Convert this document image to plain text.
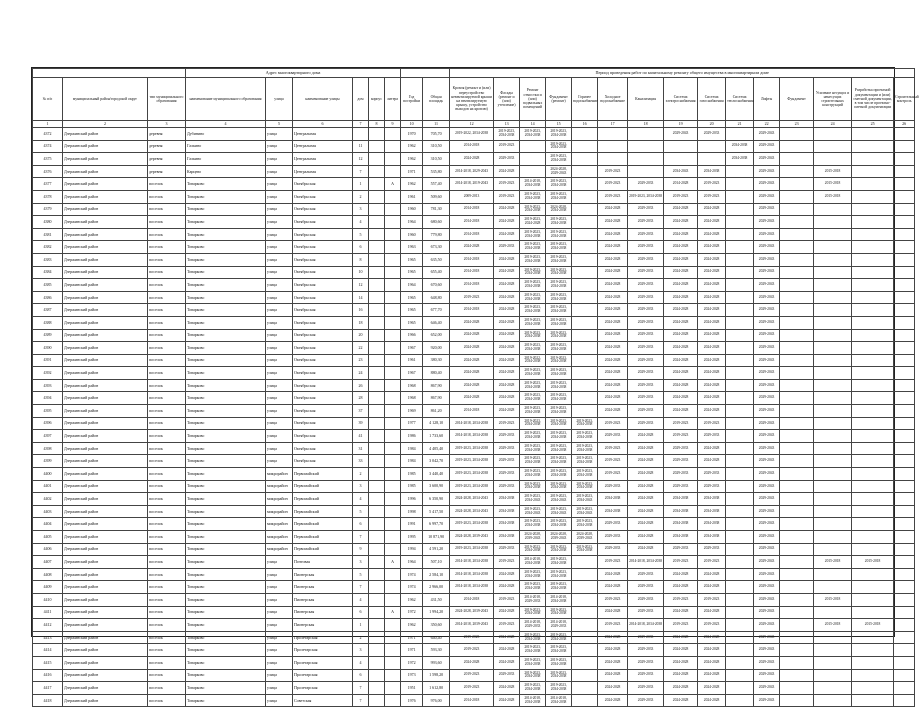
			Адрес многоквартирного дома								Период проведения работ по капитальному ремонту общего имущества в многоквартирном доме														
№ п/п	муниципальный район/городской округ	тип муниципального образования	наименование муниципального образования	улица	наименование улицы	дом	корпус	литера	Год постройки	Общая площадь	Кровля (ремонт и (или) переустройство невентилируемой крыши на вентилируемую крышу, устройство выходов на кровлю)	Фасады (ремонт и (или) утепление)	Ремонт отмостки и (или) подвальных помещений	Фундамент (ремонт)	Горячее водоснабжение	Холодное водоснабжение	Канализация	Система электроснабжения	Система газоснабжения	Система теплоснабжения	Лифты	Фундамент	Усиление несущих и ненесущих строительных конструкций	Разработка проектной документации и (или) сметной документации, в том числе проектно-сметной документации	Строительный контроль
1	2	3	4	5	6	7	8	9	10	11	12	13	14	15	16	17	18	19	20	21	22	23	24	25	26
4372	Дзержинский район	деревня	Дубинино	улица	Центральная				1970	705,70	2019-2022, 2034-2038	2019-2023, 2034-2038	2019-2023, 2034-2038	2019-2023, 2034-2038				2029-2043	2029-2033		2029-2043				
4374	Дзержинский район	деревня	Галкино	улица	Центральная	11			1962	310,50	2014-2018	2019-2023		2019-2023, 2034-2038						2034-2038	2029-2043				
4375	Дзержинский район	деревня	Галкино	улица	Центральная	12			1962	310,50	2024-2028	2029-2033		2019-2023, 2034-2038						2034-2038	2029-2043				
4376	Дзержинский район	деревня	Карцево	улица	Центральная	7			1971	535,80	2014-2018, 2029-2043	2024-2028		2024-2028, 2029-2043		2019-2023		2034-2043	2034-2038		2029-2043		2015-2018		
4377	Дзержинский район	поселок	Товарково	улица	Октябрьская	1		А	1962	557,40	2014-2018, 2019-2043	2019-2023	2014-2018, 2034-2038	2019-2023, 2034-2038		2019-2023	2029-2033	2014-2028	2019-2023		2029-2043		2015-2018		
4378	Дзержинский район	поселок	Товарково	улица	Октябрьская	2			1961	509,60	2009-2013	2019-2023	2019-2023, 2034-2038	2019-2023, 2034-2038		2019-2023	2019-2023, 2034-2038	2019-2023	2019-2023		2029-2043		2015-2018		
4379	Дзержинский район	поселок	Товарково	улица	Октябрьская	3			1960	781,30	2014-2018	2024-2028	2019-2023, 2034-2038	2024-2028, 2034-2038		2024-2028	2029-2033	2024-2028	2024-2028		2029-2043				
4380	Дзержинский район	поселок	Товарково	улица	Октябрьская	4			1964	680,60	2014-2018	2024-2028	2019-2023, 2024-2028	2019-2023, 2034-2038		2024-2028	2029-2033	2024-2028	2024-2028		2029-2043				
4381	Дзержинский район	поселок	Товарково	улица	Октябрьская	5			1960	779,80	2014-2018	2024-2028	2019-2023, 2034-2038	2019-2023, 2034-2038		2024-2028	2029-2033	2024-2028	2024-2028		2029-2043				
4382	Дзержинский район	поселок	Товарково	улица	Октябрьская	6			1963	673,30	2024-2028	2029-2033	2019-2023, 2034-2038	2019-2023, 2034-2038		2024-2028	2029-2033	2024-2028	2024-2028		2029-2043				
4383	Дзержинский район	поселок	Товарково	улица	Октябрьская	8			1965	635,50	2014-2018	2024-2028	2019-2023, 2034-2038	2019-2023, 2034-2038		2024-2028	2029-2033	2024-2028	2024-2028		2029-2043				
4384	Дзержинский район	поселок	Товарково	улица	Октябрьская	10			1965	655,40	2014-2018	2024-2028	2019-2023, 2034-2038	2019-2023, 2034-2038		2024-2028	2029-2033	2024-2028	2024-2028		2029-2043				
4385	Дзержинский район	поселок	Товарково	улица	Октябрьская	12			1964	670,60	2014-2018	2024-2028	2019-2023, 2034-2038	2019-2023, 2034-2038		2024-2028	2029-2033	2024-2028	2024-2028		2029-2043				
4386	Дзержинский район	поселок	Товарково	улица	Октябрьская	14			1965	648,80	2019-2023	2024-2028	2019-2023, 2034-2038	2019-2023, 2034-2038		2024-2028	2029-2033	2024-2028	2024-2028		2029-2043				
4387	Дзержинский район	поселок	Товарково	улица	Октябрьская	16			1965	677,70	2014-2018	2024-2028	2019-2023, 2034-2038	2019-2023, 2034-2038		2024-2028	2029-2033	2024-2028	2024-2028		2029-2043				
4388	Дзержинский район	поселок	Товарково	улица	Октябрьская	18			1965	646,40	2024-2028	2024-2028	2019-2023, 2034-2038	2019-2023, 2034-2038		2024-2028	2029-2033	2024-2028	2024-2028		2029-2043				
4389	Дзержинский район	поселок	Товарково	улица	Октябрьская	20			1966	652,00	2024-2028	2024-2028	2019-2023, 2034-2038	2019-2023, 2034-2038		2024-2028	2029-2033	2024-2028	2024-2028		2029-2043				
4390	Дзержинский район	поселок	Товарково	улица	Октябрьская	22			1967	920,00	2024-2028	2024-2028	2019-2023, 2034-2038	2019-2023, 2034-2038		2024-2028	2029-2033	2024-2028	2024-2028		2029-2043				
4391	Дзержинский район	поселок	Товарково	улица	Октябрьская	23			1961	380,30	2024-2028	2024-2028	2019-2022, 2034-2038	2019-2023, 2034-2038		2024-2028	2029-2033	2024-2028	2024-2028		2029-2043				
4392	Дзержинский район	поселок	Товарково	улица	Октябрьская	24			1967	880,40	2024-2028	2024-2028	2019-2023, 2034-2038	2019-2023, 2034-2038		2024-2028	2029-2033	2024-2028	2024-2028		2029-2043				
4393	Дзержинский район	поселок	Товарково	улица	Октябрьская	26			1968	867,90	2024-2028	2024-2028	2019-2023, 2034-2038	2019-2023, 2034-2038		2024-2028	2029-2033	2024-2028	2024-2028		2029-2043				
4394	Дзержинский район	поселок	Товарково	улица	Октябрьская	28			1968	867,90	2024-2028	2024-2028	2019-2023, 2034-2038	2019-2023, 2034-2038		2024-2028	2029-2033	2024-2028	2024-2028		2029-2043				
4395	Дзержинский район	поселок	Товарково	улица	Октябрьская	37			1969	861,20	2014-2018	2024-2028	2019-2023, 2034-2038	2019-2023, 2034-2038		2024-2028	2029-2033	2024-2028	2024-2028		2029-2043				
4396	Дзержинский район	поселок	Товарково	улица	Октябрьская	39			1977	4 128,10	2014-2018, 2034-2038	2019-2023	2019-2023, 2034-2038	2019-2023, 2034-2038	2019-2023, 2034-2038	2019-2023	2029-2033	2019-2023	2019-2023		2029-2043				
4397	Дзержинский район	поселок	Товарково	улица	Октябрьская	41			1986	1 733,60	2014-2018, 2034-2038	2029-2033	2019-2023, 2034-2038	2019-2023, 2034-2038	2019-2023, 2034-2038	2029-2033	2024-2028	2019-2023	2029-2033		2029-2043				
4398	Дзержинский район	поселок	Товарково	улица	Октябрьская	31			1984	4 405,40	2019-2023, 2034-2038	2029-2033	2019-2023, 2034-2038	2019-2023, 2034-2038	2019-2023, 2034-2038	2019-2023	2024-2028	2029-2033	2024-2028		2029-2043				
4399	Дзержинский район	поселок	Товарково	улица	Октябрьская	33			1984	3 042,70	2019-2023, 2034-2038	2029-2033	2019-2023, 2034-2038	2019-2023, 2034-2038	2019-2023, 2034-2038	2019-2023	2024-2028	2029-2033	2024-2028		2029-2043				
4400	Дзержинский район	поселок	Товарково	микрорайон	Первомайский	2			1985	3 440,40	2019-2023, 2034-2038	2029-2033	2019-2023, 2034-2038	2019-2023, 2034-2038	2019-2023, 2034-2038	2019-2023	2024-2028	2029-2033	2029-2033		2029-2043				
4401	Дзержинский район	поселок	Товарково	микрорайон	Первомайский	3			1985	3 600,90	2019-2023, 2034-2038	2029-2033	2019-2023, 2034-2038	2019-2023, 2034-2038	2019-2023, 2034-2038	2029-2033	2024-2028	2029-2033	2029-2033		2029-2043				
4402	Дзержинский район	поселок	Товарково	микрорайон	Первомайский	4			1996	6 350,90	2024-2028, 2034-2043	2034-2038	2019-2023, 2034-2043	2019-2023, 2034-2043	2019-2023, 2034-2043	2034-2038	2024-2028	2034-2038	2034-2038		2029-2043				
4403	Дзержинский район	поселок	Товарково	микрорайон	Первомайский	5			1998	5 417,50	2024-2028, 2034-2043	2034-2038	2019-2023, 2034-2043	2019-2023, 2034-2043	2019-2023, 2034-2043	2034-2038	2024-2028	2034-2038	2034-2038		2029-2043				
4404	Дзержинский район	поселок	Товарково	микрорайон	Первомайский	6			1991	6 997,70	2019-2023, 2034-2038	2034-2038	2019-2023, 2034-2038	2019-2023, 2034-2038	2019-2023, 2034-2038	2029-2033	2024-2028	2034-2038	2034-2038		2029-2043				
4405	Дзержинский район	поселок	Товарково	микрорайон	Первомайский	7			1995	10 871,90	2024-2028, 2039-2043	2034-2038	2024-2028, 2039-2043	2024-2028, 2039-2043	2024-2028, 2039-2043	2029-2033	2024-2028	2034-2038	2034-2038		2029-2043				
4406	Дзержинский район	поселок	Товарково	микрорайон	Первомайский	9			1994	4 591,20	2019-2023, 2034-2038	2029-2033	2019-2023, 2034-2038	2019-2023, 2034-2038	2019-2023, 2034-2038	2029-2033	2024-2028	2029-2033	2029-2033		2029-2043				
4407	Дзержинский район	поселок	Товарково	улица	Почтовая	3		А	1964	507,10	2014-2018, 2034-2038	2019-2023	2014-2018, 2034-2038	2019-2023, 2034-2038		2019-2023	2014-2018, 2034-2038	2019-2023	2019-2023		2029-2043		2015-2018	2015-2018	
4408	Дзержинский район	поселок	Товарково	улица	Пионерская	5			1974	2 584,10	2014-2018, 2034-2038	2024-2028	2019-2023, 2034-2038	2019-2023, 2034-2038		2024-2028	2029-2033	2024-2028	2024-2028		2029-2043				
4409	Дзержинский район	поселок	Товарково	улица	Пионерская	7			1974	2 966,00	2014-2018, 2034-2038	2024-2028	2019-2023, 2034-2038	2019-2023, 2034-2038		2024-2028	2029-2033	2024-2028	2024-2028		2029-2043				
4410	Дзержинский район	поселок	Товарково	улица	Пионерская	4			1962	431,50	2014-2018	2019-2023	2014-2018, 2029-2033	2014-2018, 2034-2038		2019-2023	2029-2033	2019-2023	2019-2023		2029-2043		2015-2018		
4411	Дзержинский район	поселок	Товарково	улица	Пионерская	6		А	1972	1 994,20	2024-2028, 2039-2043	2024-2028	2019-2023, 2034-2038	2019-2023, 2034-2038		2024-2028	2029-2033	2024-2028	2024-2028		2029-2043				
4412	Дзержинский район	поселок	Товарково	улица	Пионерская	1			1962	350,60	2014-2018, 2039-2043	2019-2023	2014-2018, 2029-2033	2014-2018, 2029-2033		2019-2023	2014-2018, 2034-2038	2019-2023	2019-2023		2029-2043		2015-2018	2015-2018	
4413	Дзержинский район	поселок	Товарково	улица	Пролетарская	2			1971	640,40	2019-2023	2024-2028	2019-2023, 2034-2038	2019-2023, 2034-2038		2024-2028	2029-2033	2024-2028	2024-2028		2029-2043				
4414	Дзержинский район	поселок	Товарково	улица	Пролетарская	3			1971	593,30	2019-2023	2024-2028	2019-2023, 2034-2038	2019-2023, 2034-2038		2024-2028	2029-2033	2024-2028	2024-2028		2029-2043				
4415	Дзержинский район	поселок	Товарково	улица	Пролетарская	4			1972	993,60	2024-2028	2024-2028	2019-2023, 2034-2038	2019-2023, 2034-2038		2024-2028	2029-2033	2024-2028	2024-2028		2029-2043				
4416	Дзержинский район	поселок	Товарково	улица	Пролетарская	6			1973	1 598,20	2019-2023	2029-2033	2019-2023, 2034-2038	2019-2023, 2034-2038		2024-2028	2029-2033	2024-2028	2024-2028		2029-2043				
4417	Дзержинский район	поселок	Товарково	улица	Пролетарская	7			1951	1 612,80	2019-2023	2024-2028	2019-2023, 2034-2038	2019-2023, 2034-2038		2024-2028	2029-2033	2024-2028	2024-2028		2029-2043				
4418	Дзержинский район	поселок	Товарково	улица	Советская	7			1976	976,00	2014-2018	2024-2028	2014-2018, 2034-2038	2014-2018, 2034-2038		2024-2028	2029-2033	2024-2028	2024-2028		2029-2043				
